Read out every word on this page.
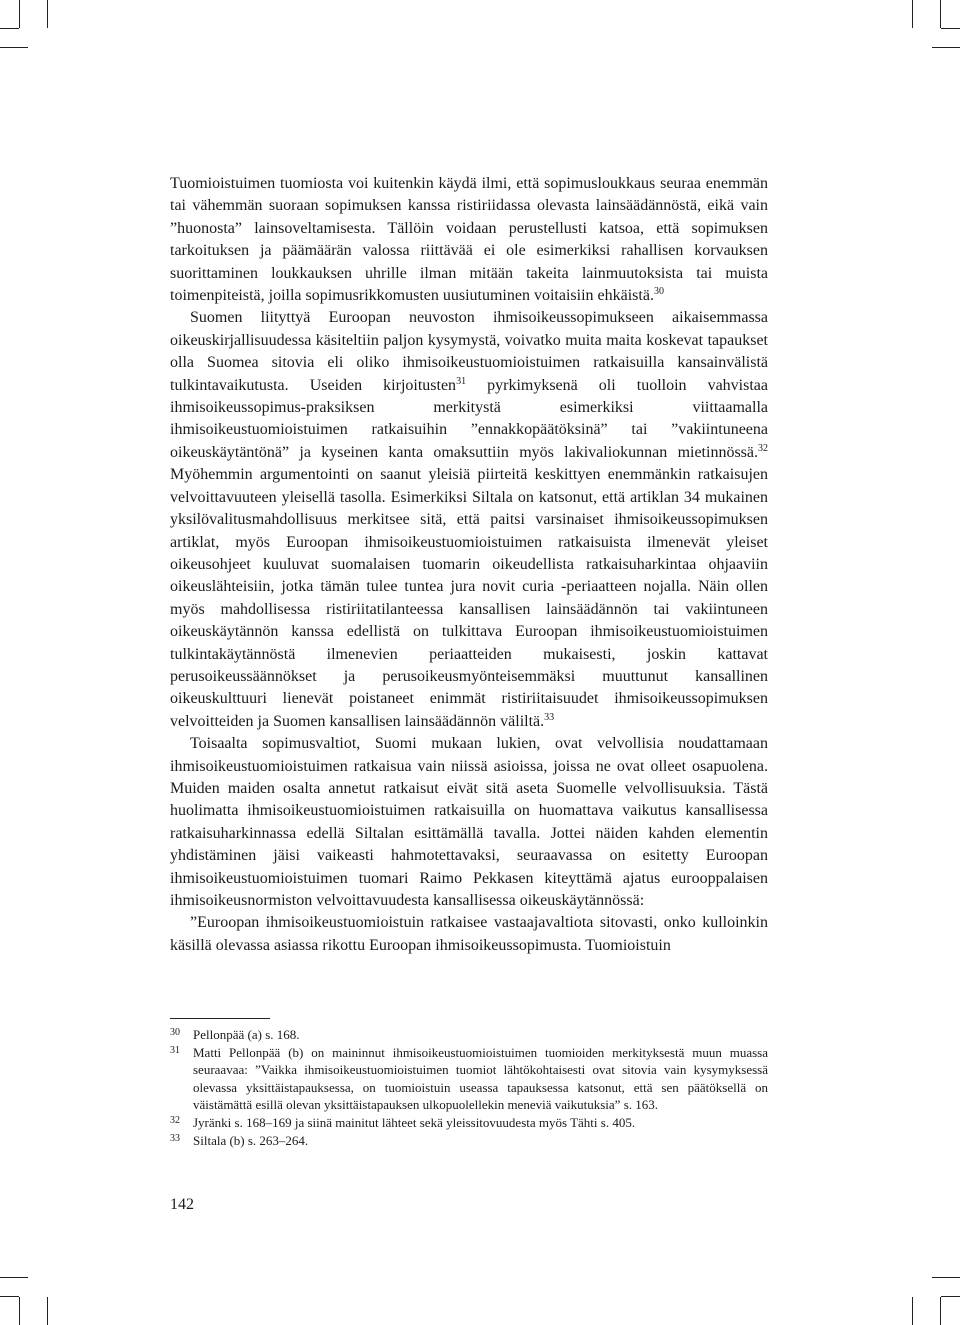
Tuomioistuimen tuomiosta voi kuitenkin käydä ilmi, että sopimusloukkaus seuraa enemmän tai vähemmän suoraan sopimuksen kanssa ristiriidassa olevasta lainsäädännöstä, eikä vain ”huonosta” lainsoveltamisesta. Tällöin voidaan perustellusti katsoa, että sopimuksen tarkoituksen ja päämäärän valossa riittävää ei ole esimerkiksi rahallisen korvauksen suorittaminen loukkauksen uhrille ilman mitään takeita lainmuutoksista tai muista toimenpiteistä, joilla sopimusrikkomusten uusiutuminen voitaisiin ehkäistä.$^{30}$

Suomen liityttyä Euroopan neuvoston ihmisoikeussopimukseen aikaisemmassa oikeuskirjallisuudessa käsiteltiin paljon kysymystä, voivatko muita maita koskevat tapaukset olla Suomea sitovia eli oliko ihmisoikeustuomioistuimen ratkaisuilla kansainvälistä tulkintavaikutusta. Useiden kirjoitusten$^{31}$ pyrkimyksenä oli tuolloin vahvistaa ihmisoikeussopimus-praksiksen merkitystä esimerkiksi viittaamalla ihmisoikeustuomioistuimen ratkaisuihin ”ennakkopäätöksinä” tai ”vakiintuneena oikeuskäytäntönä” ja kyseinen kanta omaksuttiin myös lakivaliokunnan mietinnössä.$^{32}$ Myöhemmin argumentointi on saanut yleisiä piirteitä keskittyen enemmänkin ratkaisujen velvoittavuuteen yleisellä tasolla. Esimerkiksi Siltala on katsonut, että artiklan 34 mukainen yksilövalitusmahdollisuus merkitsee sitä, että paitsi varsinaiset ihmisoikeussopimuksen artiklat, myös Euroopan ihmisoikeustuomioistuimen ratkaisuista ilmenevät yleiset oikeusohjeet kuuluvat suomalaisen tuomarin oikeudellista ratkaisuharkintaa ohjaaviin oikeuslähteisiin, jotka tämän tulee tuntea jura novit curia -periaatteen nojalla. Näin ollen myös mahdollisessa ristiriitatilanteessa kansallisen lainsäädännön tai vakiintuneen oikeuskäytännön kanssa edellistä on tulkittava Euroopan ihmisoikeustuomioistuimen tulkintakäytännöstä ilmenevien periaatteiden mukaisesti, joskin kattavat perusoikeussäännökset ja perusoikeusmyönteisemmäksi muuttunut kansallinen oikeuskulttuuri lienevät poistaneet enimmät ristiriitaisuudet ihmisoikeussopimuksen velvoitteiden ja Suomen kansallisen lainsäädännön väliltä.$^{33}$

Toisaalta sopimusvaltiot, Suomi mukaan lukien, ovat velvollisia noudattamaan ihmisoikeustuomioistuimen ratkaisua vain niissä asioissa, joissa ne ovat olleet osapuolena. Muiden maiden osalta annetut ratkaisut eivät sitä aseta Suomelle velvollisuuksia. Tästä huolimatta ihmisoikeustuomioistuimen ratkaisuilla on huomattava vaikutus kansallisessa ratkaisuharkinnassa edellä Siltalan esittämällä tavalla. Jottei näiden kahden elementin yhdistäminen jäisi vaikeasti hahmotettavaksi, seuraavassa on esitetty Euroopan ihmisoikeustuomioistuimen tuomari Raimo Pekkasen kiteyttämä ajatus eurooppalaisen ihmisoikeusnormiston velvoittavuudesta kansallisessa oikeuskäytännössä:

”Euroopan ihmisoikeustuomioistuin ratkaisee vastaajavaltiota sitovasti, onko kulloinkin käsillä olevassa asiassa rikottu Euroopan ihmisoikeussopimusta. Tuomioistuin

$^{30}$	Pellonpää (a) s. 168.
$^{31}$	Matti Pellonpää (b) on maininnut ihmisoikeustuomioistuimen tuomioiden merkityksestä muun muassa seuraavaa: ”Vaikka ihmisoikeustuomioistuimen tuomiot lähtökohtaisesti ovat sitovia vain kysymyksessä olevassa yksittäistapauksessa, on tuomioistuin useassa tapauksessa katsonut, että sen päätöksellä on väistämättä esillä olevan yksittäistapauksen ulkopuolellekin meneviä vaikutuksia” s. 163.
$^{32}$	Jyränki s. 168–169 ja siinä mainitut lähteet sekä yleissitovuudesta myös Tähti s. 405.
$^{33}$	Siltala (b) s. 263–264.
142
